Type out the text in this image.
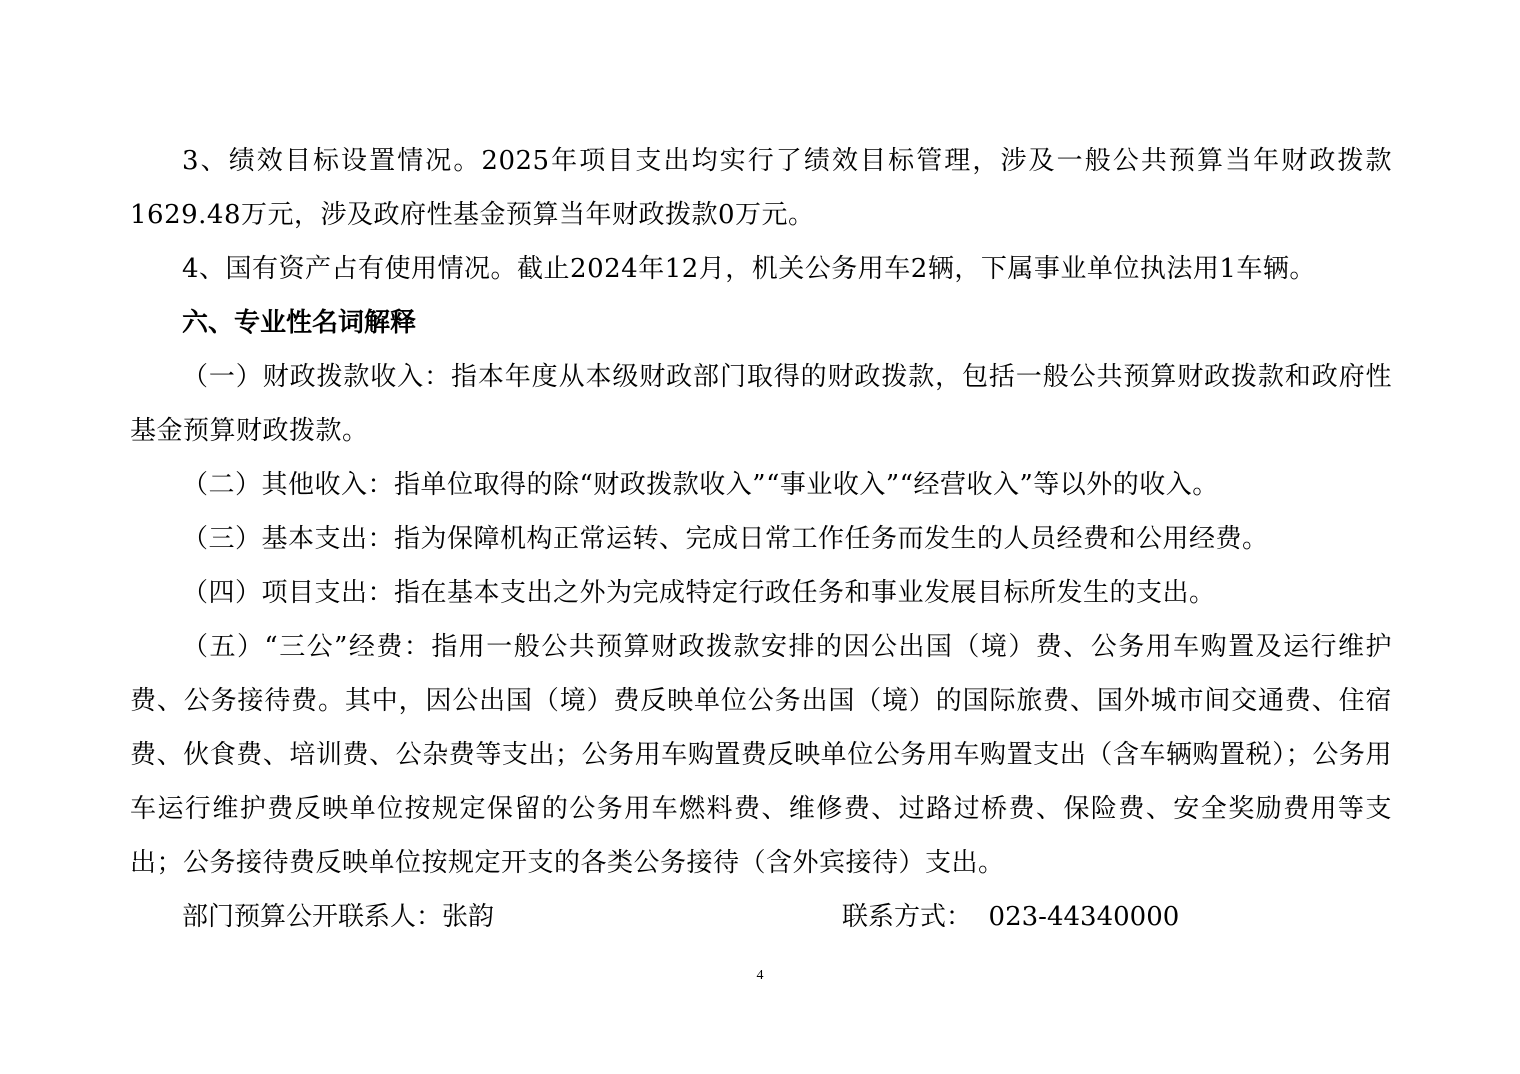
3、绩效目标设置情况。2025年项目支出均实行了绩效目标管理，涉及一般公共预算当年财政拨款1629.48万元，涉及政府性基金预算当年财政拨款0万元。

4、国有资产占有使用情况。截止2024年12月，机关公务用车2辆，下属事业单位执法用1车辆。

六、专业性名词解释

（一）财政拨款收入：指本年度从本级财政部门取得的财政拨款，包括一般公共预算财政拨款和政府性基金预算财政拨款。

（二）其他收入：指单位取得的除“财政拨款收入”“事业收入”“经营收入”等以外的收入。

（三）基本支出：指为保障机构正常运转、完成日常工作任务而发生的人员经费和公用经费。

（四）项目支出：指在基本支出之外为完成特定行政任务和事业发展目标所发生的支出。

（五）“三公”经费：指用一般公共预算财政拨款安排的因公出国（境）费、公务用车购置及运行维护费、公务接待费。其中，因公出国（境）费反映单位公务出国（境）的国际旅费、国外城市间交通费、住宿费、伙食费、培训费、公杂费等支出；公务用车购置费反映单位公务用车购置支出（含车辆购置税）；公务用车运行维护费反映单位按规定保留的公务用车燃料费、维修费、过路过桥费、保险费、安全奖励费用等支出；公务接待费反映单位按规定开支的各类公务接待（含外宾接待）支出。

部门预算公开联系人：张韵	联系方式： 023-44340000
4
